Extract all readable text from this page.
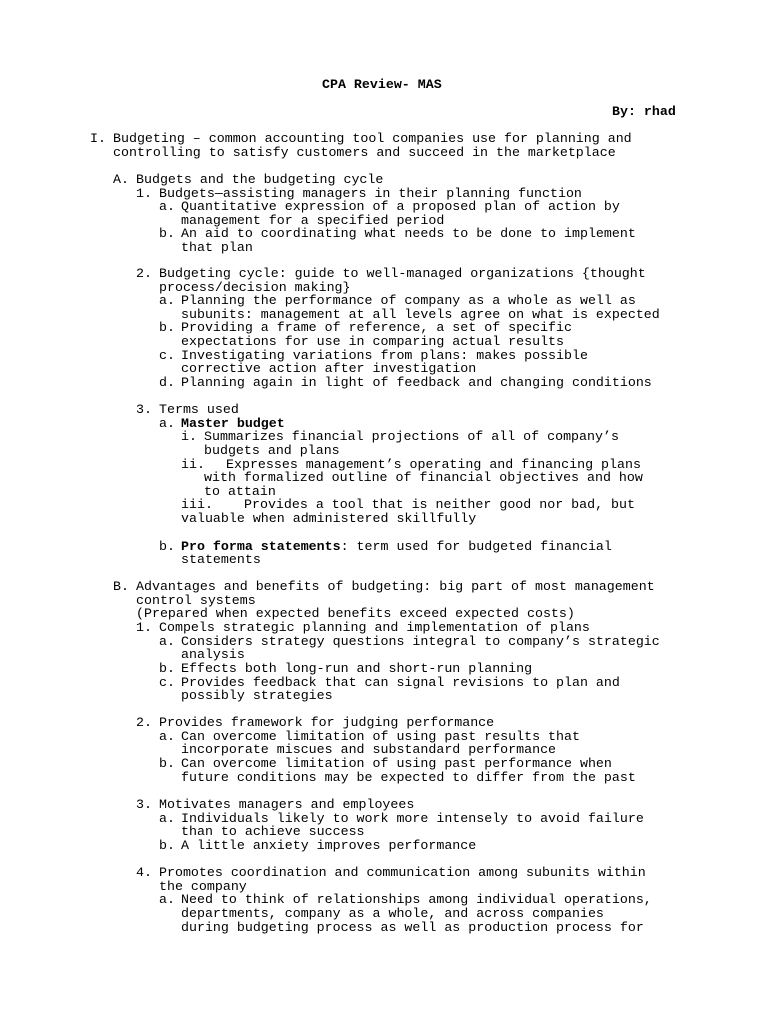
CPA Review- MAS
By: rhad
I. Budgeting – common accounting tool companies use for planning and
controlling to satisfy customers and succeed in the marketplace
A. Budgets and the budgeting cycle
1. Budgets—assisting managers in their planning function
a. Quantitative expression of a proposed plan of action by
management for a specified period
b. An aid to coordinating what needs to be done to implement
that plan
2. Budgeting cycle: guide to well-managed organizations {thought
process/decision making}
a. Planning the performance of company as a whole as well as
subunits: management at all levels agree on what is expected
b. Providing a frame of reference, a set of specific
expectations for use in comparing actual results
c. Investigating variations from plans: makes possible
corrective action after investigation
d. Planning again in light of feedback and changing conditions
3. Terms used
a. Master budget
i. Summarizes financial projections of all of company’s
budgets and plans
ii. Expresses management’s operating and financing plans
with formalized outline of financial objectives and how
to attain
iii. Provides a tool that is neither good nor bad, but
valuable when administered skillfully
b. Pro forma statements: term used for budgeted financial
statements
B. Advantages and benefits of budgeting: big part of most management
control systems
(Prepared when expected benefits exceed expected costs)
1. Compels strategic planning and implementation of plans
a. Considers strategy questions integral to company’s strategic
analysis
b. Effects both long-run and short-run planning
c. Provides feedback that can signal revisions to plan and
possibly strategies
2. Provides framework for judging performance
a. Can overcome limitation of using past results that
incorporate miscues and substandard performance
b. Can overcome limitation of using past performance when
future conditions may be expected to differ from the past
3. Motivates managers and employees
a. Individuals likely to work more intensely to avoid failure
than to achieve success
b. A little anxiety improves performance
4. Promotes coordination and communication among subunits within
the company
a. Need to think of relationships among individual operations,
departments, company as a whole, and across companies
during budgeting process as well as production process for
